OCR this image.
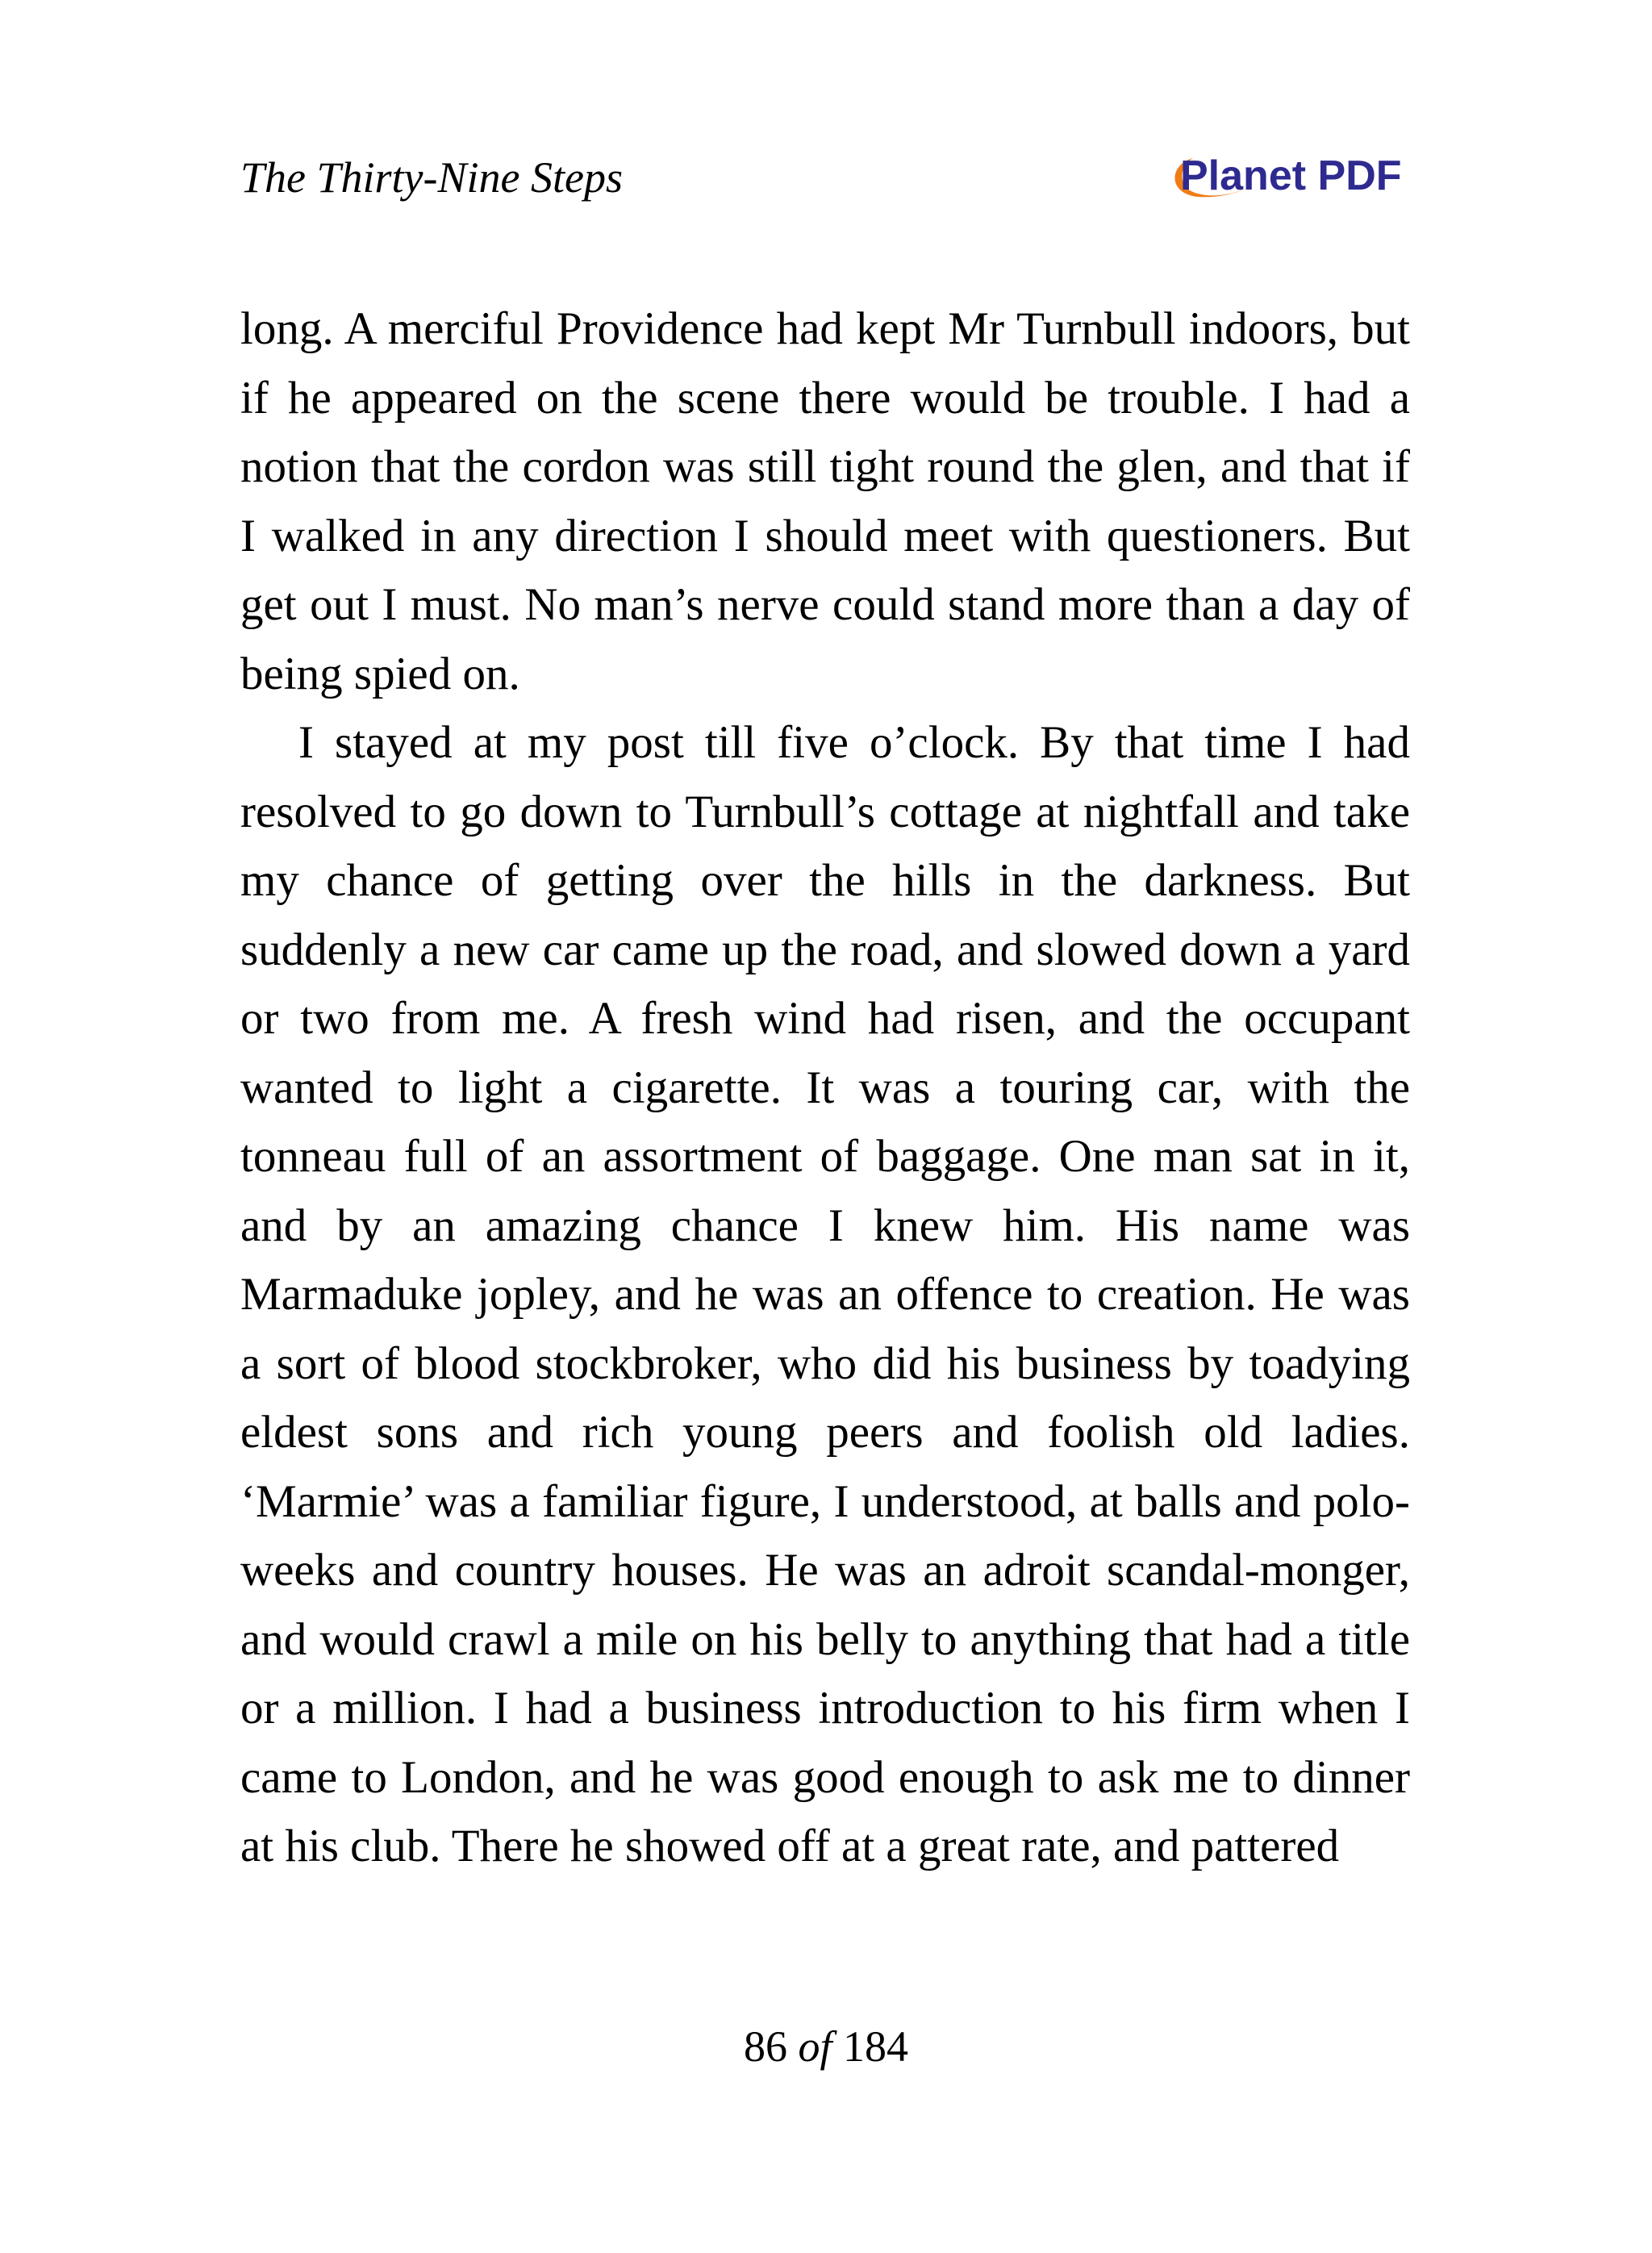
The Thirty-Nine Steps	Planet PDF

long. A merciful Providence had kept Mr Turnbull indoors, but if he appeared on the scene there would be trouble. I had a notion that the cordon was still tight round the glen, and that if I walked in any direction I should meet with questioners. But get out I must. No man’s nerve could stand more than a day of being spied on.

I stayed at my post till five o’clock. By that time I had resolved to go down to Turnbull’s cottage at nightfall and take my chance of getting over the hills in the darkness. But suddenly a new car came up the road, and slowed down a yard or two from me. A fresh wind had risen, and the occupant wanted to light a cigarette. It was a touring car, with the tonneau full of an assortment of baggage. One man sat in it, and by an amazing chance I knew him. His name was Marmaduke jopley, and he was an offence to creation. He was a sort of blood stockbroker, who did his business by toadying eldest sons and rich young peers and foolish old ladies. ‘Marmie’ was a familiar figure, I understood, at balls and polo- weeks and country houses. He was an adroit scandal-monger, and would crawl a mile on his belly to anything that had a title or a million. I had a business introduction to his firm when I came to London, and he was good enough to ask me to dinner at his club. There he showed off at a great rate, and pattered

86 of 184
